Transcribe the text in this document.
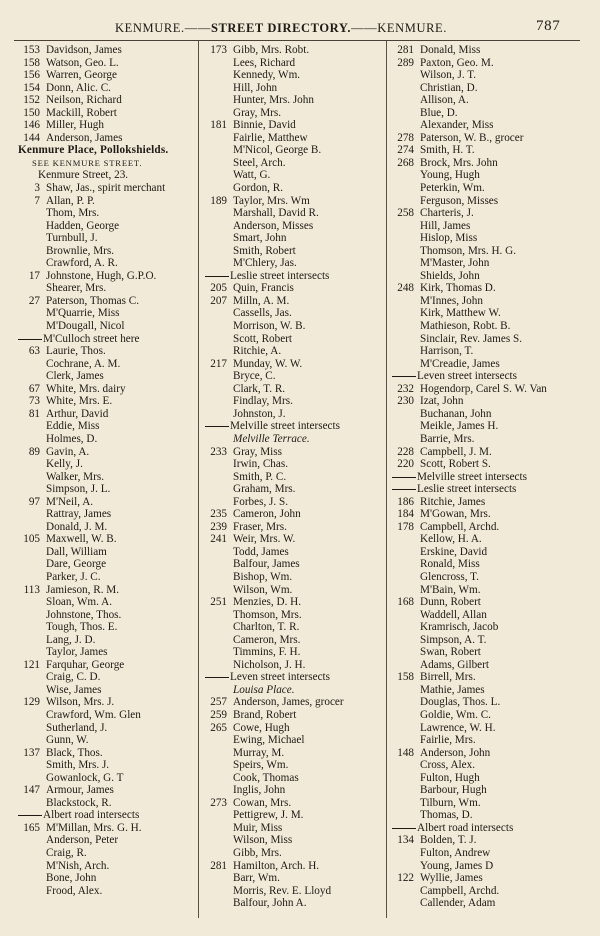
KENMURE.——STREET DIRECTORY.——KENMURE.	787
153 Davidson, James
158 Watson, Geo. L.
156 Warren, George
154 Donn, Alic. C.
152 Neilson, Richard
150 Mackill, Robert
146 Miller, Hugh
144 Anderson, James
Kenmure Place, Pollokshields.
SEE KENMURE STREET.
Kenmure Street, 23.
3 Shaw, Jas., spirit merchant
7 Allan, P. P.
Thom, Mrs.
Hadden, George
Turnbull, J.
Brownlie, Mrs.
Crawford, A. R.
17 Johnstone, Hugh, G.P.O.
Shearer, Mrs.
27 Paterson, Thomas C.
M'Quarrie, Miss
M'Dougall, Nicol
M'Culloch street here
63 Laurie, Thos.
Cochrane, A. M.
Clerk, James
67 White, Mrs. dairy
73 White, Mrs. E.
81 Arthur, David
Eddie, Miss
Holmes, D.
89 Gavin, A.
Kelly, J.
Walker, Mrs.
Simpson, J. L.
97 M'Neil, A.
Rattray, James
Donald, J. M.
105 Maxwell, W. B.
Dall, William
Dare, George
Parker, J. C.
113 Jamieson, R. M.
Sloan, Wm. A.
Johnstone, Thos.
Tough, Thos. E.
Lang, J. D.
Taylor, James
121 Farquhar, George
Craig, C. D.
Wise, James
129 Wilson, Mrs. J.
Crawford, Wm. Glen
Sutherland, J.
Gunn, W.
137 Black, Thos.
Smith, Mrs. J.
Gowanlock, G. T
147 Armour, James
Blackstock, R.
Albert road intersects
165 M'Millan, Mrs. G. H.
Anderson, Peter
Craig, R.
M'Nish, Arch.
Bone, John
Frood, Alex.
173 Gibb, Mrs. Robt.
Lees, Richard
Kennedy, Wm.
Hill, John
Hunter, Mrs. John
Gray, Mrs.
181 Binnie, David
Fairlie, Matthew
M'Nicol, George B.
Steel, Arch.
Watt, G.
Gordon, R.
189 Taylor, Mrs. Wm
Marshall, David R.
Anderson, Misses
Smart, John
Smith, Robert
M'Chlery, Jas.
Leslie street intersects
205 Quin, Francis
207 Milln, A. M.
Cassells, Jas.
Morrison, W. B.
Scott, Robert
Ritchie, A.
217 Munday, W. W.
Bryce, C.
Clark, T. R.
Findlay, Mrs.
Johnston, J.
Melville street intersects
Melville Terrace.
233 Gray, Miss
Irwin, Chas.
Smith, P. C.
Graham, Mrs.
Forbes, J. S.
235 Cameron, John
239 Fraser, Mrs.
241 Weir, Mrs. W.
Todd, James
Balfour, James
Bishop, Wm.
Wilson, Wm.
251 Menzies, D. H.
Thomson, Mrs.
Charlton, T. R.
Cameron, Mrs.
Timmins, F. H.
Nicholson, J. H.
Leven street intersects
Louisa Place.
257 Anderson, James, grocer
259 Brand, Robert
265 Cowe, Hugh
Ewing, Michael
Murray, M.
Speirs, Wm.
Cook, Thomas
Inglis, John
273 Cowan, Mrs.
Pettigrew, J. M.
Muir, Miss
Wilson, Miss
Gibb, Mrs.
281 Hamilton, Arch. H.
Barr, Wm.
Morris, Rev. E. Lloyd
Balfour, John A.
281 Donald, Miss
289 Paxton, Geo. M.
Wilson, J. T.
Christian, D.
Allison, A.
Blue, D.
Alexander, Miss
278 Paterson, W. B., grocer
274 Smith, H. T.
268 Brock, Mrs. John
Young, Hugh
Peterkin, Wm.
Ferguson, Misses
258 Charteris, J.
Hill, James
Hislop, Miss
Thomson, Mrs. H. G.
M'Master, John
Shields, John
248 Kirk, Thomas D.
M'Innes, John
Kirk, Matthew W.
Mathieson, Robt. B.
Sinclair, Rev. James S.
Harrison, T.
M'Creadie, James
Leven street intersects
232 Hogendorp, Carel S. W. Van
230 Izat, John
Buchanan, John
Meikle, James H.
Barrie, Mrs.
228 Campbell, J. M.
220 Scott, Robert S.
Melville street intersects
Leslie street intersects
186 Ritchie, James
184 M'Gowan, Mrs.
178 Campbell, Archd.
Kellow, H. A.
Erskine, David
Ronald, Miss
Glencross, T.
M'Bain, Wm.
168 Dunn, Robert
Waddell, Allan
Kramrisch, Jacob
Simpson, A. T.
Swan, Robert
Adams, Gilbert
158 Birrell, Mrs.
Mathie, James
Douglas, Thos. L.
Goldie, Wm. C.
Lawrence, W. H.
Fairlie, Mrs.
148 Anderson, John
Cross, Alex.
Fulton, Hugh
Barbour, Hugh
Tilburn, Wm.
Thomas, D.
Albert road intersects
134 Bolden, T. J.
Fulton, Andrew
Young, James D
122 Wyllie, James
Campbell, Archd.
Callender, Adam
